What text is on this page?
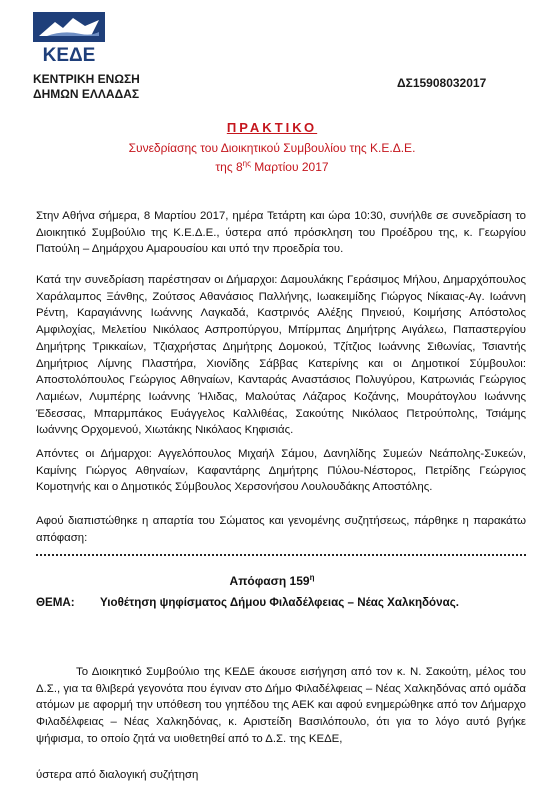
ΚΕΔΕ
ΚΕΝΤΡΙΚΗ ΕΝΩΣΗ
ΔΗΜΩΝ ΕΛΛΑΔΑΣ
ΔΣ15908032017
ΠΡΑΚΤΙΚΟ
Συνεδρίασης του Διοικητικού Συμβουλίου της Κ.Ε.Δ.Ε.
της $8^{\eta\varsigma}$ Μαρτίου 2017

Στην Αθήνα σήμερα, 8 Μαρτίου 2017, ημέρα Τετάρτη και ώρα 10:30, συνήλθε σε συνεδρίαση το Διοικητικό Συμβούλιο της Κ.Ε.Δ.Ε., ύστερα από πρόσκληση του Προέδρου της, κ. Γεωργίου Πατούλη – Δημάρχου Αμαρουσίου και υπό την προεδρία του.

Κατά την συνεδρίαση παρέστησαν οι Δήμαρχοι: Δαμουλάκης Γεράσιμος Μήλου, Δημαρχόπουλος Χαράλαμπος Ξάνθης, Ζούτσος Αθανάσιος Παλλήνης, Ιωακειμίδης Γιώργος Νίκαιας-Αγ. Ιωάννη Ρέντη, Καραγιάννης Ιωάννης Λαγκαδά, Καστρινός Αλέξης Πηνειού, Κοιμήσης Απόστολος Αμφιλοχίας, Μελετίου Νικόλαος Ασπροπύργου, Μπίρμπας Δημήτρης Αιγάλεω, Παπαστεργίου Δημήτρης Τρικκαίων, Τζιαχρήστας Δημήτρης Δομοκού, Τζίτζιος Ιωάννης Σιθωνίας, Τσιαντής Δημήτριος Λίμνης Πλαστήρα, Χιονίδης Σάββας Κατερίνης και οι Δημοτικοί Σύμβουλοι: Αποστολόπουλος Γεώργιος Αθηναίων, Κανταράς Αναστάσιος Πολυγύρου, Κατρωνιάς Γεώργιος Λαμιέων, Λυμπέρης Ιωάννης Ήλιδας, Μαλούτας Λάζαρος Κοζάνης, Μουράτογλου Ιωάννης Έδεσσας, Μπαρμπάκος Ευάγγελος Καλλιθέας, Σακούτης Νικόλαος Πετρούπολης, Τσιάμης Ιωάννης Ορχομενού, Χιωτάκης Νικόλαος Κηφισιάς.

Απόντες οι Δήμαρχοι: Αγγελόπουλος Μιχαήλ Σάμου, Δανηλίδης Συμεών Νεάπολης-Συκεών, Καμίνης Γιώργος Αθηναίων, Καφαντάρης Δημήτρης Πύλου-Νέστορος, Πετρίδης Γεώργιος Κομοτηνής και ο Δημοτικός Σύμβουλος Χερσονήσου Λουλουδάκης Αποστόλης.

Αφού διαπιστώθηκε η απαρτία του Σώματος και γενομένης συζητήσεως, πάρθηκε η παρακάτω απόφαση:

Απόφαση $159^\eta$
ΘΕΜΑ: Υιοθέτηση ψηφίσματος Δήμου Φιλαδέλφειας – Νέας Χαλκηδόνας.

Το Διοικητικό Συμβούλιο της ΚΕΔΕ άκουσε εισήγηση από τον κ. Ν. Σακούτη, μέλος του Δ.Σ., για τα θλιβερά γεγονότα που έγιναν στο Δήμο Φιλαδέλφειας – Νέας Χαλκηδόνας από ομάδα ατόμων με αφορμή την υπόθεση του γηπέδου της ΑΕΚ και αφού ενημερώθηκε από τον Δήμαρχο Φιλαδέλφειας – Νέας Χαλκηδόνας, κ. Αριστείδη Βασιλόπουλο, ότι για το λόγο αυτό βγήκε ψήφισμα, το οποίο ζητά να υιοθετηθεί από το Δ.Σ. της ΚΕΔΕ,

ύστερα από διαλογική συζήτηση
